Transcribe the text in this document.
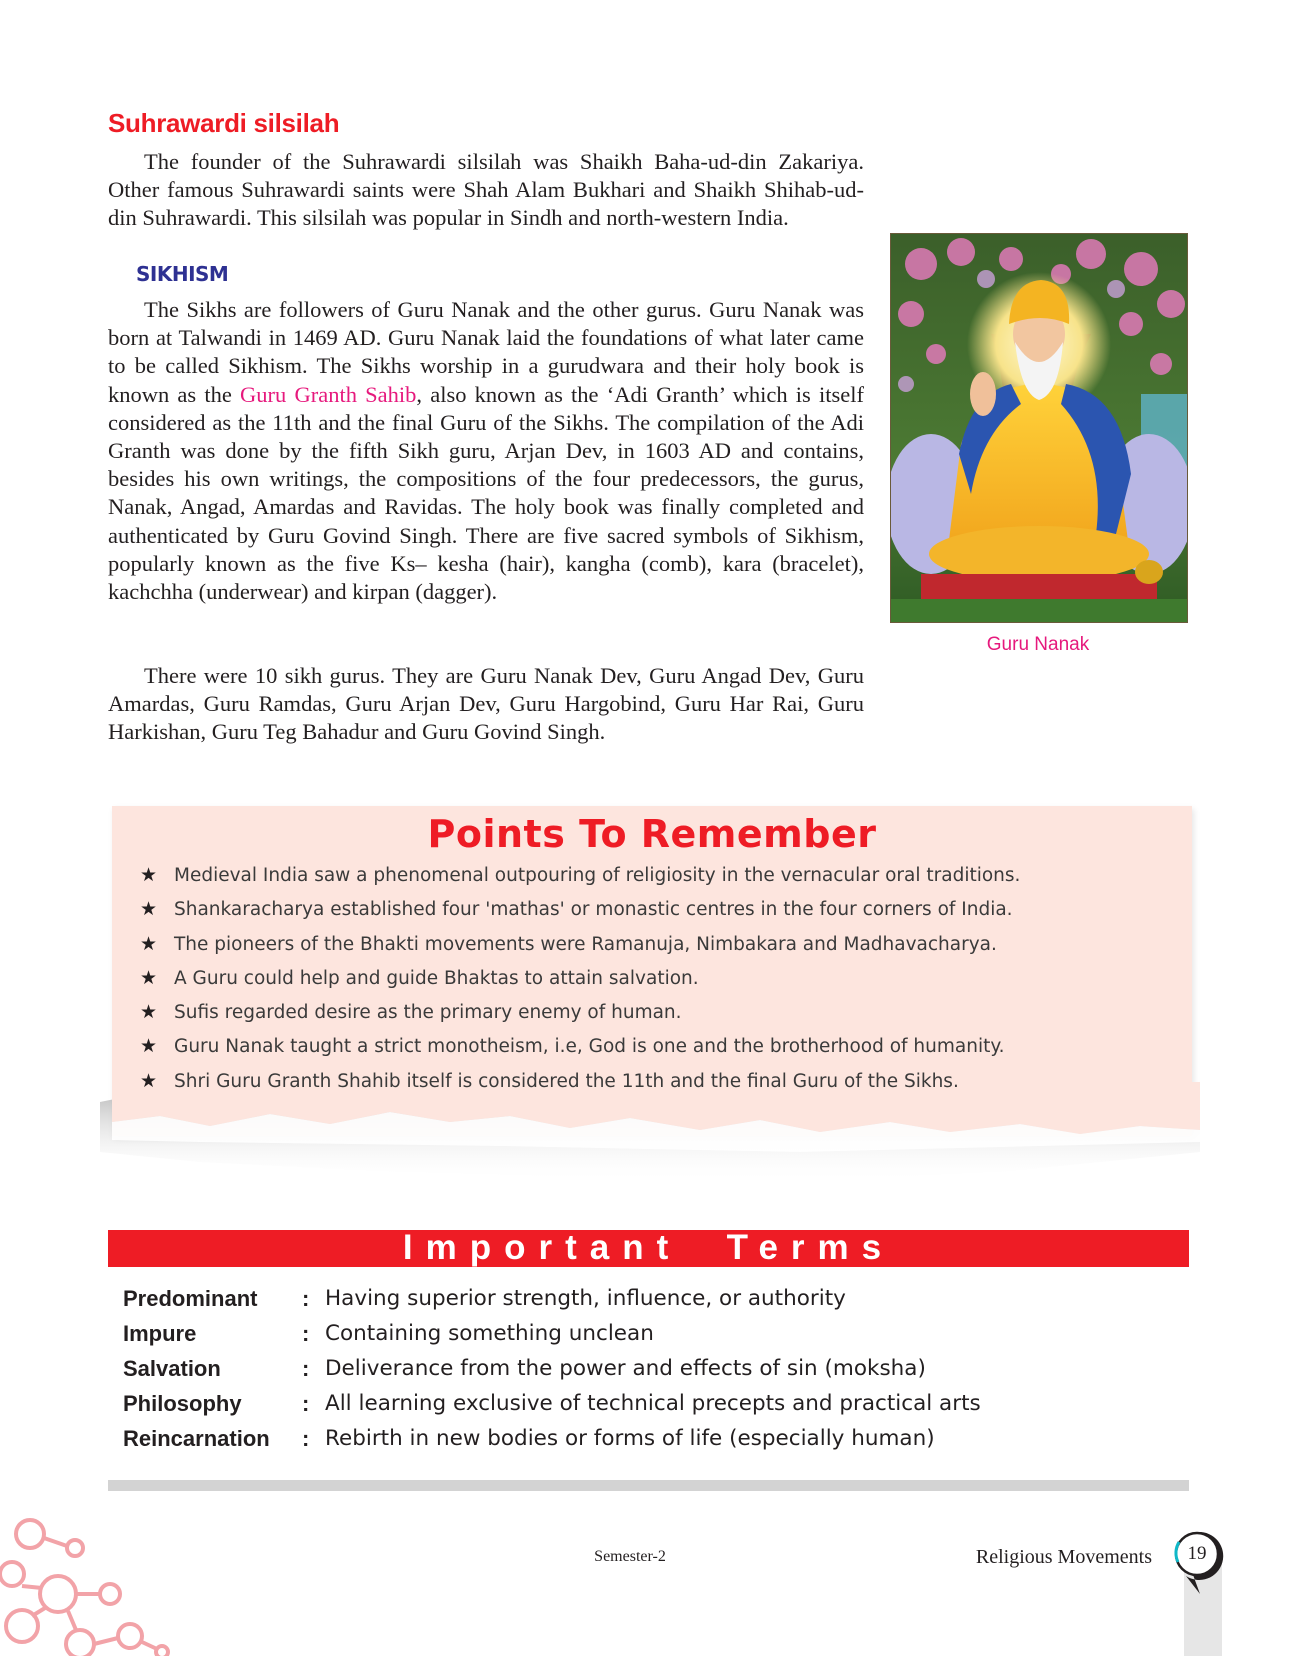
Suhrawardi silsilah

The founder of the Suhrawardi silsilah was Shaikh Baha-ud-din Zakariya. Other famous Suhrawardi saints were Shah Alam Bukhari and Shaikh Shihab-ud-din Suhrawardi. This silsilah was popular in Sindh and north-western India.

SIKHISM

The Sikhs are followers of Guru Nanak and the other gurus. Guru Nanak was born at Talwandi in 1469 AD. Guru Nanak laid the foundations of what later came to be called Sikhism. The Sikhs worship in a gurudwara and their holy book is known as the Guru Granth Sahib, also known as the ‘Adi Granth’ which is itself considered as the 11th and the final Guru of the Sikhs. The compilation of the Adi Granth was done by the fifth Sikh guru, Arjan Dev, in 1603 AD and contains, besides his own writings, the compositions of the four predecessors, the gurus, Nanak, Angad, Amardas and Ravidas. The holy book was finally completed and authenticated by Guru Govind Singh. There are five sacred symbols of Sikhism, popularly known as the five Ks– kesha (hair), kangha (comb), kara (bracelet), kachchha (underwear) and kirpan (dagger).

There were 10 sikh gurus. They are Guru Nanak Dev, Guru Angad Dev, Guru Amardas, Guru Ramdas, Guru Arjan Dev, Guru Hargobind, Guru Har Rai, Guru Harkishan, Guru Teg Bahadur and Guru Govind Singh.

Guru Nanak
Points To Remember
★ Medieval India saw a phenomenal outpouring of religiosity in the vernacular oral traditions.
★ Shankaracharya established four 'mathas' or monastic centres in the four corners of India.
★ The pioneers of the Bhakti movements were Ramanuja, Nimbakara and Madhavacharya.
★ A Guru could help and guide Bhaktas to attain salvation.
★ Sufis regarded desire as the primary enemy of human.
★ Guru Nanak taught a strict monotheism, i.e, God is one and the brotherhood of humanity.
★ Shri Guru Granth Shahib itself is considered the 11th and the final Guru of the Sikhs.
Important  Terms
Predominant : Having superior strength, influence, or authority
Impure	: Containing something unclean
Salvation	: Deliverance from the power and effects of sin (moksha)
Philosophy	: All learning exclusive of technical precepts and practical arts
Reincarnation : Rebirth in new bodies or forms of life (especially human)
Semester-2	Religious Movements	19
